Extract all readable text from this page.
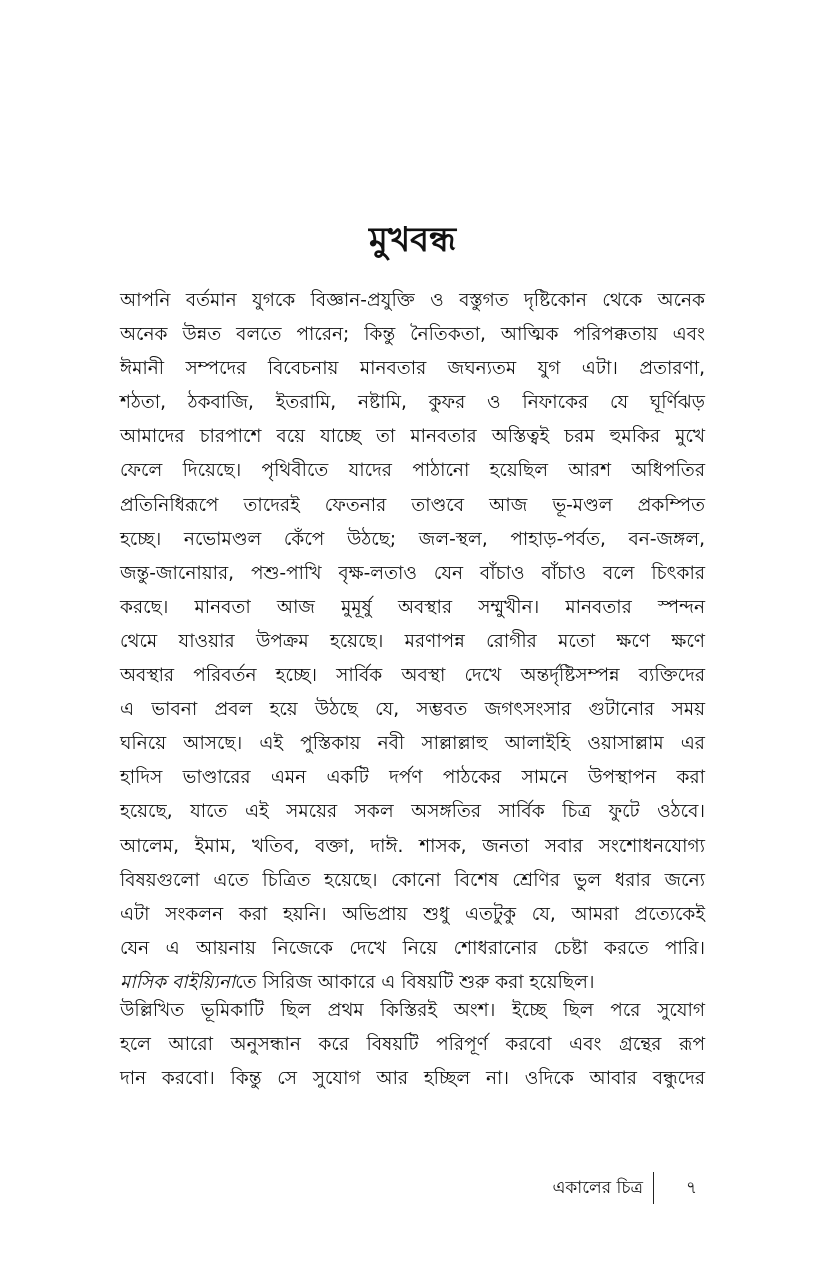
মুখবন্ধ
আপনি বর্তমান যুগকে বিজ্ঞান-প্রযুক্তি ও বস্তুগত দৃষ্টিকোন থেকে অনেক
অনেক উন্নত বলতে পারেন; কিন্তু নৈতিকতা, আত্মিক পরিপক্কতায় এবং
ঈমানী সম্পদের বিবেচনায় মানবতার জঘন্যতম যুগ এটা। প্রতারণা,
শঠতা, ঠকবাজি, ইতরামি, নষ্টামি, কুফর ও নিফাকের যে ঘূর্ণিঝড়
আমাদের চারপাশে বয়ে যাচ্ছে তা মানবতার অস্তিত্বই চরম হুমকির মুখে
ফেলে দিয়েছে। পৃথিবীতে যাদের পাঠানো হয়েছিল আরশ অধিপতির
প্রতিনিধিরূপে তাদেরই ফেতনার তাণ্ডবে আজ ভূ-মণ্ডল প্রকম্পিত
হচ্ছে। নভোমণ্ডল কেঁপে উঠছে; জল-স্থল, পাহাড়-পর্বত, বন-জঙ্গল,
জন্তু-জানোয়ার, পশু-পাখি বৃক্ষ-লতাও যেন বাঁচাও বাঁচাও বলে চিৎকার
করছে। মানবতা আজ মুমূর্ষু অবস্থার সম্মুখীন। মানবতার স্পন্দন
থেমে যাওয়ার উপক্রম হয়েছে। মরণাপন্ন রোগীর মতো ক্ষণে ক্ষণে
অবস্থার পরিবর্তন হচ্ছে। সার্বিক অবস্থা দেখে অন্তর্দৃষ্টিসম্পন্ন ব্যক্তিদের
এ ভাবনা প্রবল হয়ে উঠছে যে, সম্ভবত জগৎসংসার গুটানোর সময়
ঘনিয়ে আসছে। এই পুস্তিকায় নবী সাল্লাল্লাহু আলাইহি ওয়াসাল্লাম এর
হাদিস ভাণ্ডারের এমন একটি দর্পণ পাঠকের সামনে উপস্থাপন করা
হয়েছে, যাতে এই সময়ের সকল অসঙ্গতির সার্বিক চিত্র ফুটে ওঠবে।
আলেম, ইমাম, খতিব, বক্তা, দাঈ. শাসক, জনতা সবার সংশোধনযোগ্য
বিষয়গুলো এতে চিত্রিত হয়েছে। কোনো বিশেষ শ্রেণির ভুল ধরার জন্যে
এটা সংকলন করা হয়নি। অভিপ্রায় শুধু এতটুকু যে, আমরা প্রত্যেকেই
যেন এ আয়নায় নিজেকে দেখে নিয়ে শোধরানোর চেষ্টা করতে পারি।
মাসিক বাইয়্যিনাতে সিরিজ আকারে এ বিষয়টি শুরু করা হয়েছিল।
উল্লিখিত ভূমিকাটি ছিল প্রথম কিস্তিরই অংশ। ইচ্ছে ছিল পরে সুযোগ
হলে আরো অনুসন্ধান করে বিষয়টি পরিপূর্ণ করবো এবং গ্রন্থের রূপ
দান করবো। কিন্তু সে সুযোগ আর হচ্ছিল না। ওদিকে আবার বন্ধুদের
একালের চিত্র	৭
